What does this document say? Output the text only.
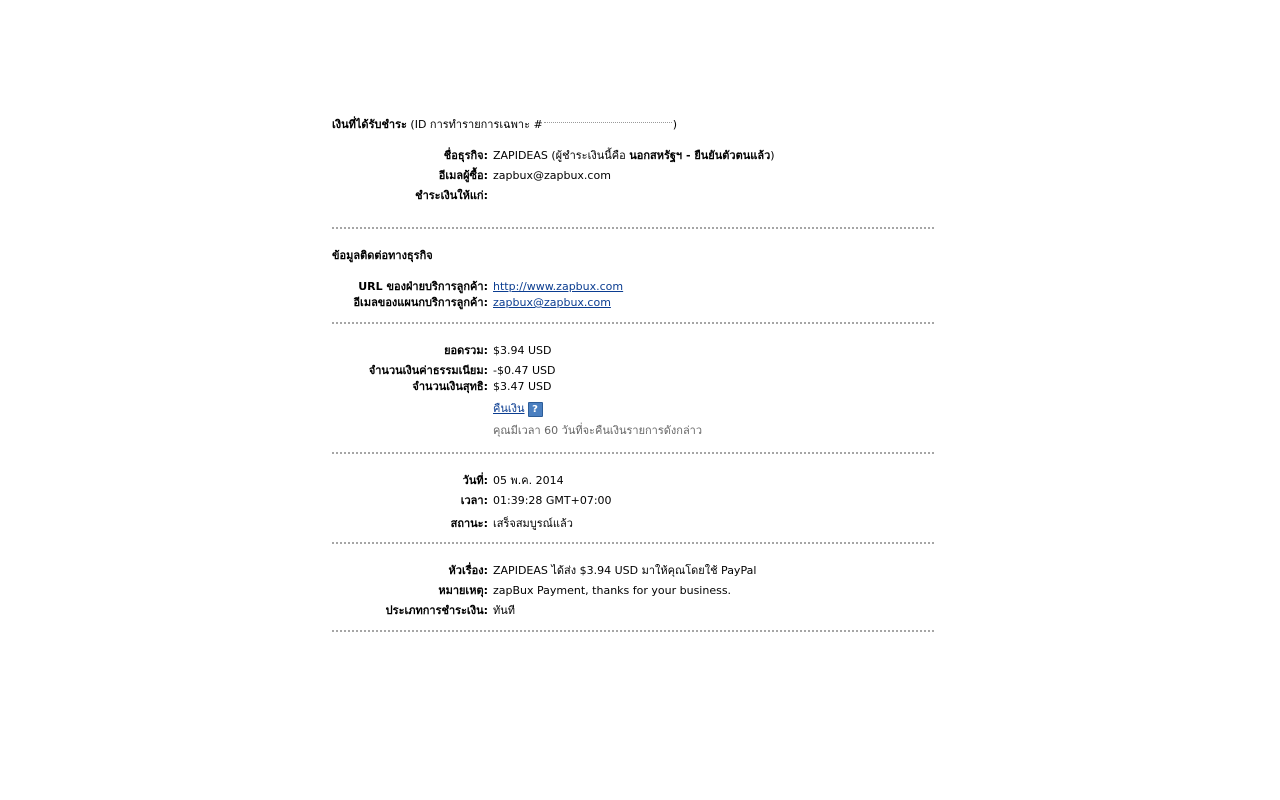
เงินที่ได้รับชำระ (ID การทำรายการเฉพาะ #	)
ชื่อธุรกิจ: ZAPIDEAS (ผู้ชำระเงินนี้คือ นอกสหรัฐฯ - ยืนยันตัวตนแล้ว)
อีเมลผู้ซื้อ: zapbux@zapbux.com
ชำระเงินให้แก่:
ข้อมูลติดต่อทางธุรกิจ
URL ของฝ่ายบริการลูกค้า: http://www.zapbux.com
อีเมลของแผนกบริการลูกค้า: zapbux@zapbux.com
ยอดรวม: $3.94 USD
จำนวนเงินค่าธรรมเนียม: -$0.47 USD
จำนวนเงินสุทธิ: $3.47 USD
คืนเงิน ?
คุณมีเวลา 60 วันที่จะคืนเงินรายการดังกล่าว
วันที่: 05 พ.ค. 2014
เวลา: 01:39:28 GMT+07:00
สถานะ: เสร็จสมบูรณ์แล้ว
หัวเรื่อง: ZAPIDEAS ได้ส่ง $3.94 USD มาให้คุณโดยใช้ PayPal
หมายเหตุ: zapBux Payment, thanks for your business.
ประเภทการชำระเงิน: ทันที
